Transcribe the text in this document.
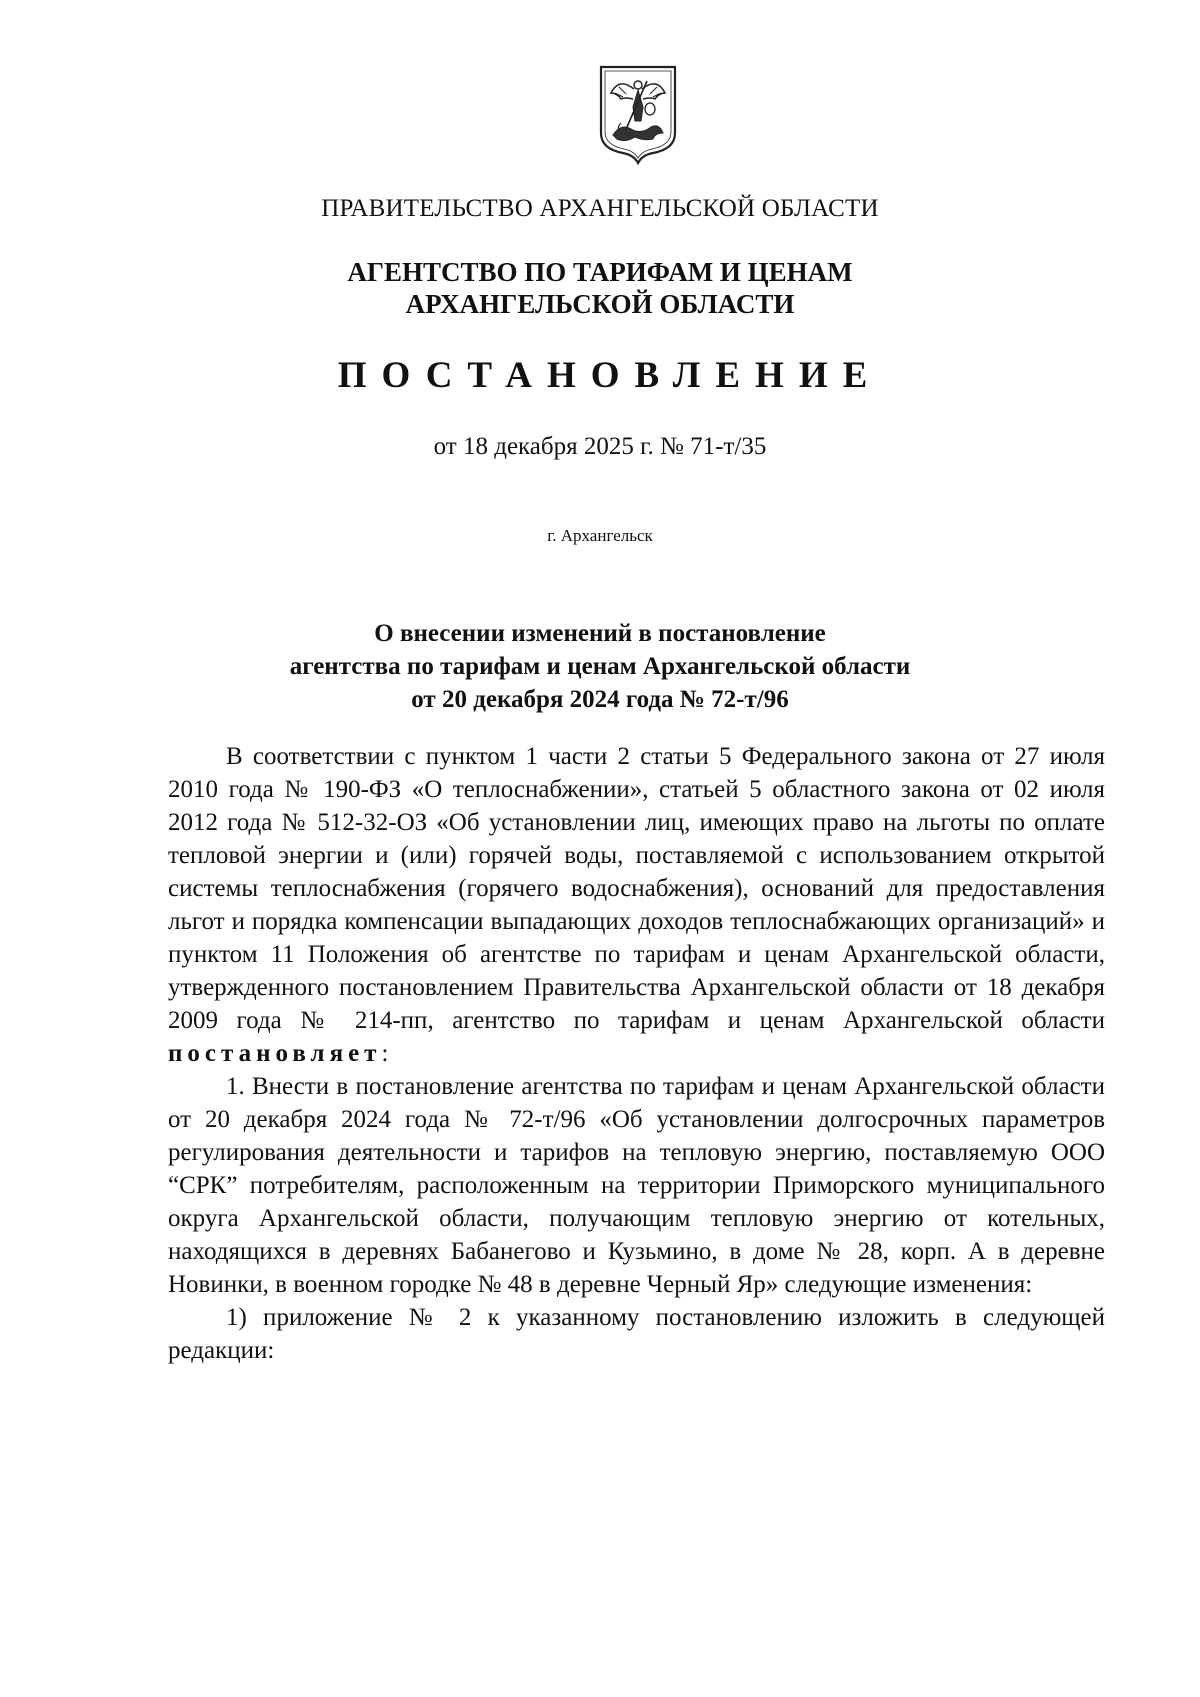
ПРАВИТЕЛЬСТВО АРХАНГЕЛЬСКОЙ ОБЛАСТИ
АГЕНТСТВО ПО ТАРИФАМ И ЦЕНАМ
АРХАНГЕЛЬСКОЙ ОБЛАСТИ
ПОСТАНОВЛЕНИЕ
от 18 декабря 2025 г. № 71-т/35
г. Архангельск
О внесении изменений в постановление
агентства по тарифам и ценам Архангельской области
от 20 декабря 2024 года № 72-т/96

В соответствии с пунктом 1 части 2 статьи 5 Федерального закона от 27 июля 2010 года № 190-ФЗ «О теплоснабжении», статьей 5 областного закона от 02 июля 2012 года № 512-32-ОЗ «Об установлении лиц, имеющих право на льготы по оплате тепловой энергии и (или) горячей воды, поставляемой с использованием открытой системы теплоснабжения (горячего водоснабжения), оснований для предоставления льгот и порядка компенсации выпадающих доходов теплоснабжающих организаций» и пунктом 11 Положения об агентстве по тарифам и ценам Архангельской области, утвержденного постановлением Правительства Архангельской области от 18 декабря 2009 года № 214-пп, агентство по тарифам и ценам Архангельской области постановляет:

1. Внести в постановление агентства по тарифам и ценам Архангельской области от 20 декабря 2024 года № 72-т/96 «Об установлении долгосрочных параметров регулирования деятельности и тарифов на тепловую энергию, поставляемую ООО “СРК” потребителям, расположенным на территории Приморского муниципального округа Архангельской области, получающим тепловую энергию от котельных, находящихся в деревнях Бабанегово и Кузьмино, в доме № 28, корп. А в деревне Новинки, в военном городке № 48 в деревне Черный Яр» следующие изменения:

1) приложение № 2 к указанному постановлению изложить в следующей редакции:
